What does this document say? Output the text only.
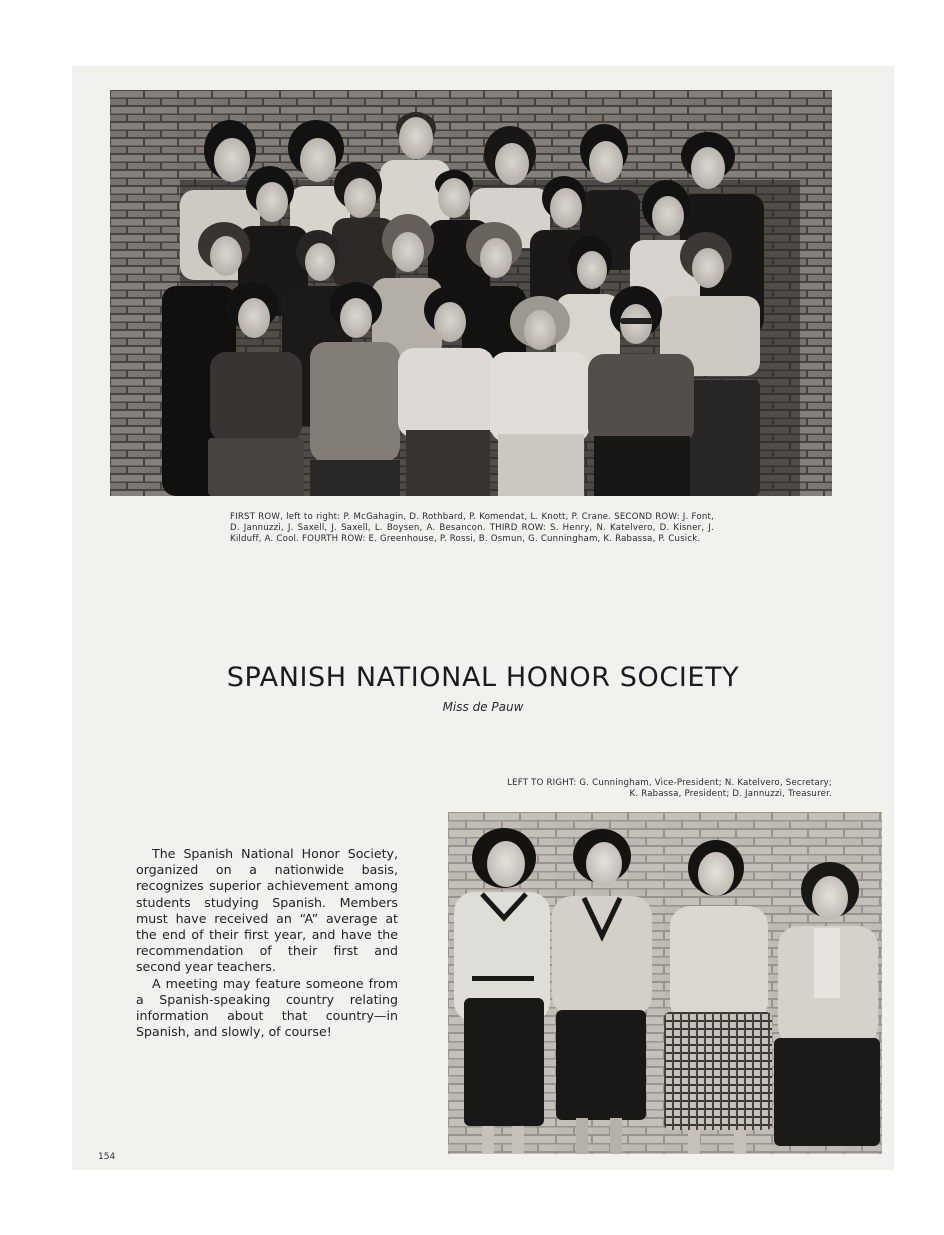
FIRST ROW, left to right: P. McGahagin, D. Rothbard, P. Komendat, L. Knott, P. Crane. SECOND ROW: J. Font, D. Jannuzzi, J. Saxell, J. Saxell, L. Boysen, A. Besancon. THIRD ROW: S. Henry, N. Katelvero, D. Kisner, J. Kilduff, A. Cool. FOURTH ROW: E. Greenhouse, P. Rossi, B. Osmun, G. Cunningham, K. Rabassa, P. Cusick.
SPANISH NATIONAL HONOR SOCIETY
Miss de Pauw
LEFT TO RIGHT: G. Cunningham, Vice-President; N. Katelvero, Secretary;
K. Rabassa, President; D. Jannuzzi, Treasurer.

The Spanish National Honor Society, organized on a nationwide basis, recognizes superior achievement among students studying Spanish. Members must have received an “A” average at the end of their first year, and have the recommendation of their first and second year teachers.

A meeting may feature someone from a Spanish-speaking country relating information about that country—in Spanish, and slowly, of course!

154
